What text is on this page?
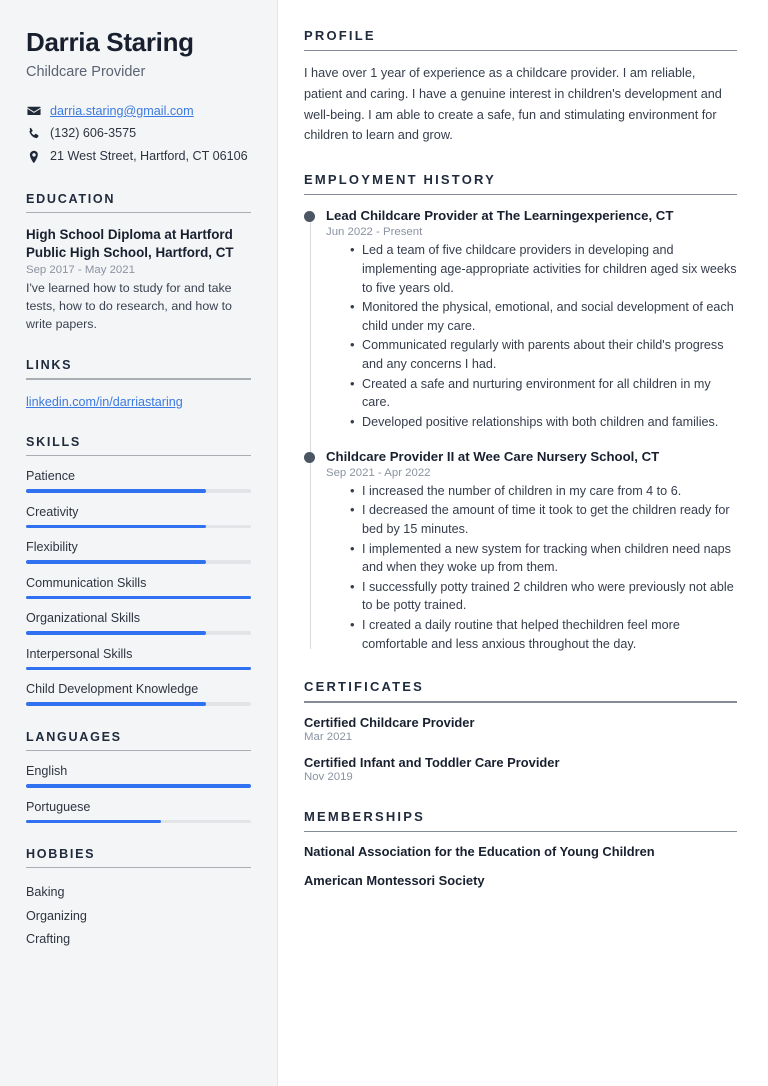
Darria Staring
Childcare Provider
darria.staring@gmail.com
(132) 606-3575
21 West Street, Hartford, CT 06106
EDUCATION
High School Diploma at Hartford Public High School, Hartford, CT
Sep 2017 - May 2021
I've learned how to study for and take tests, how to do research, and how to write papers.
LINKS
linkedin.com/in/darriastaring
SKILLS
Patience
Creativity
Flexibility
Communication Skills
Organizational Skills
Interpersonal Skills
Child Development Knowledge
LANGUAGES
English
Portuguese
HOBBIES
Baking
Organizing
Crafting
PROFILE

I have over 1 year of experience as a childcare provider. I am reliable, patient and caring. I have a genuine interest in children's development and well-being. I am able to create a safe, fun and stimulating environment for children to learn and grow.

EMPLOYMENT HISTORY
Lead Childcare Provider at The Learningexperience, CT
Jun 2022 - Present
• Led a team of five childcare providers in developing and implementing age-appropriate activities for children aged six weeks to five years old.
• Monitored the physical, emotional, and social development of each child under my care.
• Communicated regularly with parents about their child's progress and any concerns I had.
• Created a safe and nurturing environment for all children in my care.
• Developed positive relationships with both children and families.
Childcare Provider II at Wee Care Nursery School, CT
Sep 2021 - Apr 2022
• I increased the number of children in my care from 4 to 6.
• I decreased the amount of time it took to get the children ready for bed by 15 minutes.
• I implemented a new system for tracking when children need naps and when they woke up from them.
• I successfully potty trained 2 children who were previously not able to be potty trained.
• I created a daily routine that helped thechildren feel more comfortable and less anxious throughout the day.
CERTIFICATES
Certified Childcare Provider
Mar 2021
Certified Infant and Toddler Care Provider
Nov 2019
MEMBERSHIPS
National Association for the Education of Young Children
American Montessori Society
